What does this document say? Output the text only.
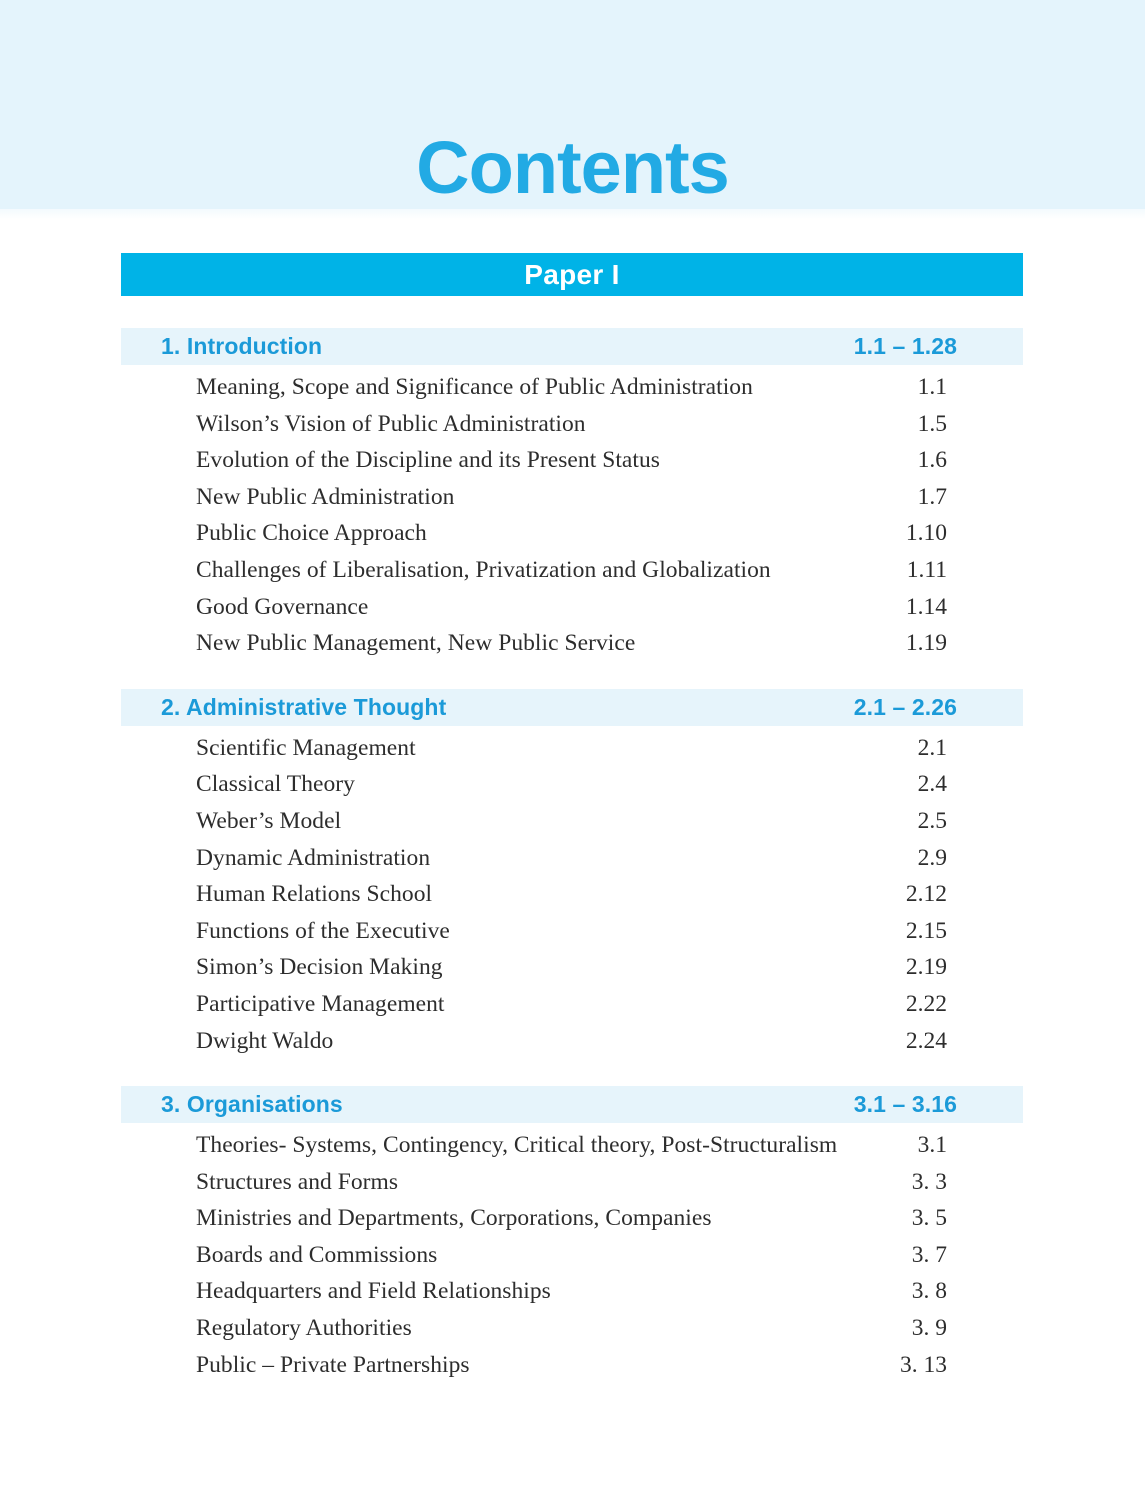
Contents
Paper I
1. Introduction	1.1 – 1.28
Meaning, Scope and Significance of Public Administration	1.1
Wilson’s Vision of Public Administration	1.5
Evolution of the Discipline and its Present Status	1.6
New Public Administration	1.7
Public Choice Approach	1.10
Challenges of Liberalisation, Privatization and Globalization	1.11
Good Governance	1.14
New Public Management, New Public Service	1.19
2. Administrative Thought	2.1 – 2.26
Scientific Management	2.1
Classical Theory	2.4
Weber’s Model	2.5
Dynamic Administration	2.9
Human Relations School	2.12
Functions of the Executive	2.15
Simon’s Decision Making	2.19
Participative Management	2.22
Dwight Waldo	2.24
3. Organisations	3.1 – 3.16
Theories- Systems, Contingency, Critical theory, Post-Structuralism	3.1
Structures and Forms	3. 3
Ministries and Departments, Corporations, Companies	3. 5
Boards and Commissions	3. 7
Headquarters and Field Relationships	3. 8
Regulatory Authorities	3. 9
Public – Private Partnerships	3. 13
